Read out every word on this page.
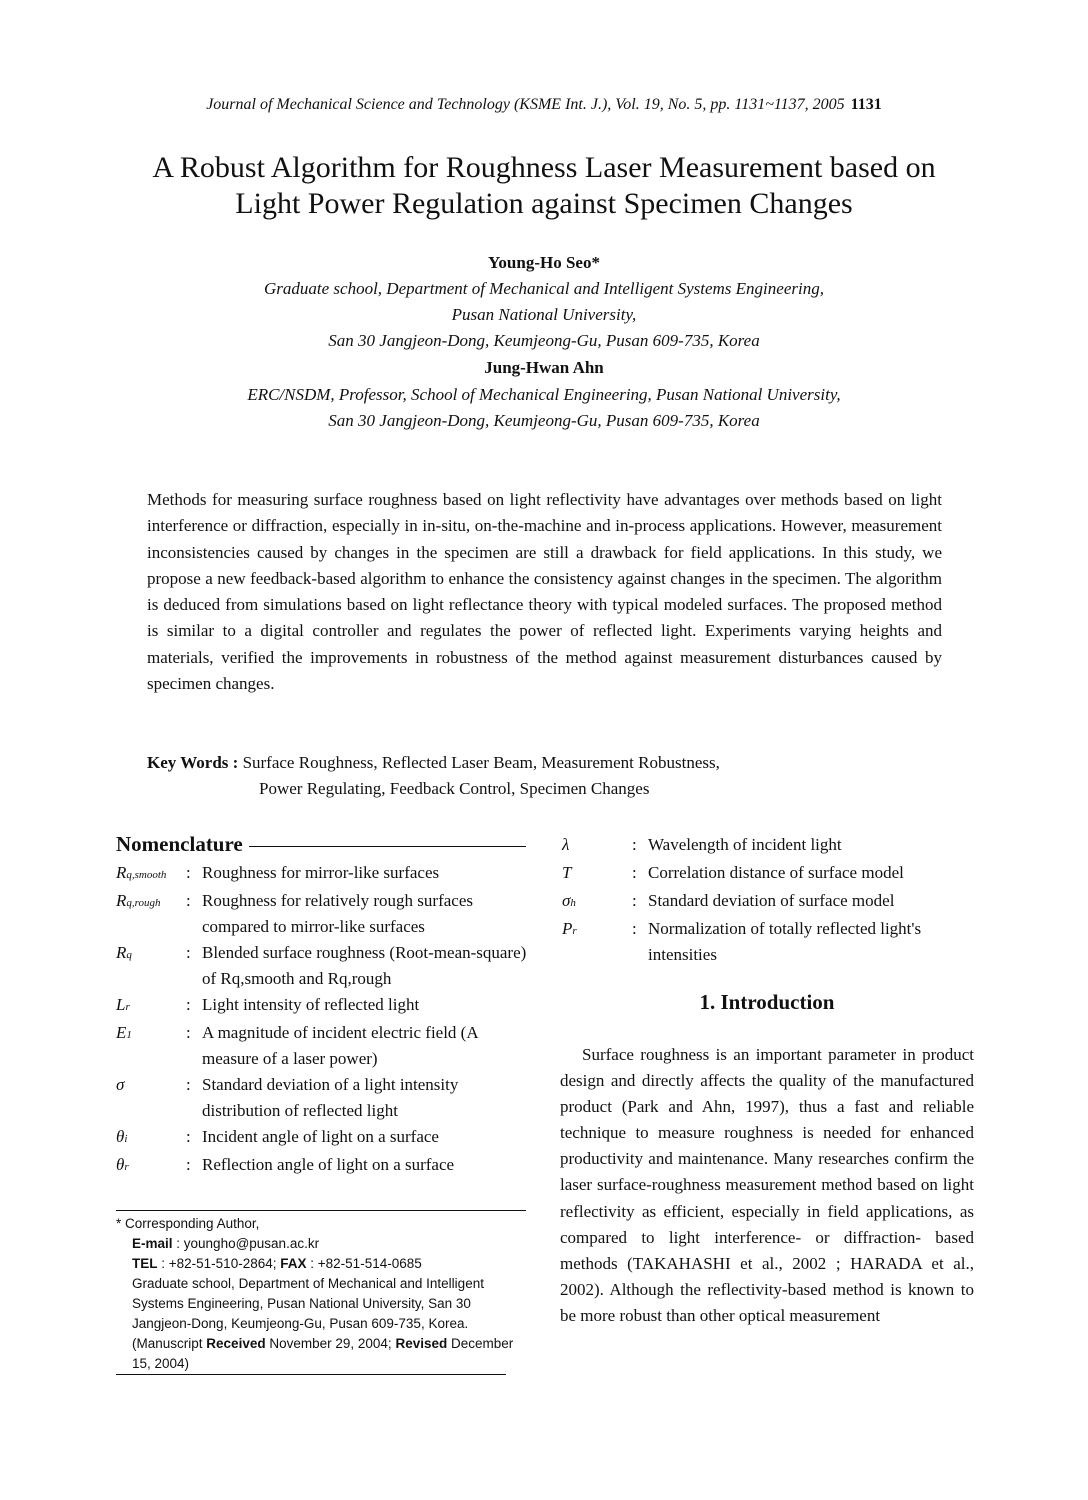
Journal of Mechanical Science and Technology (KSME Int. J.), Vol. 19, No. 5, pp. 1131~1137, 2005 1131
A Robust Algorithm for Roughness Laser Measurement based on
Light Power Regulation against Specimen Changes
Young-Ho Seo*
Graduate school, Department of Mechanical and Intelligent Systems Engineering,
Pusan National University,
San 30 Jangjeon-Dong, Keumjeong-Gu, Pusan 609-735, Korea
Jung-Hwan Ahn
ERC/NSDM, Professor, School of Mechanical Engineering, Pusan National University,
San 30 Jangjeon-Dong, Keumjeong-Gu, Pusan 609-735, Korea
Methods for measuring surface roughness based on light reflectivity have advantages over methods based on light interference or diffraction, especially in in-situ, on-the-machine and in-process applications. However, measurement inconsistencies caused by changes in the specimen are still a drawback for field applications. In this study, we propose a new feedback-based algorithm to enhance the consistency against changes in the specimen. The algorithm is deduced from simulations based on light reflectance theory with typical modeled surfaces. The proposed method is similar to a digital controller and regulates the power of reflected light. Experiments varying heights and materials, verified the improvements in robustness of the method against measurement disturbances caused by specimen changes.
Key Words : Surface Roughness, Reflected Laser Beam, Measurement Robustness,
Power Regulating, Feedback Control, Specimen Changes
Nomenclature
Rq,smooth	: Roughness for mirror-like surfaces
Rq,rough	: Roughness for relatively rough surfaces compared to mirror-like surfaces
Rq	: Blended surface roughness (Root-mean-square) of Rq,smooth and Rq,rough
Lr	: Light intensity of reflected light
E1	: A magnitude of incident electric field (A measure of a laser power)
σ	: Standard deviation of a light intensity distribution of reflected light
θi	: Incident angle of light on a surface
θr	: Reflection angle of light on a surface
λ	: Wavelength of incident light
T	: Correlation distance of surface model
σh	: Standard deviation of surface model
Pr	: Normalization of totally reflected light's intensities
* Corresponding Author,
E-mail : youngho@pusan.ac.kr
TEL : +82-51-510-2864; FAX : +82-51-514-0685
Graduate school, Department of Mechanical and Intelligent Systems Engineering, Pusan National University, San 30 Jangjeon-Dong, Keumjeong-Gu, Pusan 609-735, Korea. (Manuscript Received November 29, 2004; Revised December 15, 2004)
1. Introduction
Surface roughness is an important parameter in product design and directly affects the quality of the manufactured product (Park and Ahn, 1997), thus a fast and reliable technique to measure roughness is needed for enhanced productivity and maintenance. Many researches confirm the laser surface-roughness measurement method based on light reflectivity as efficient, especially in field applications, as compared to light interference- or diffraction- based methods (TAKAHASHI et al., 2002 ; HARADA et al., 2002). Although the reflectivity-based method is known to be more robust than other optical measurement
